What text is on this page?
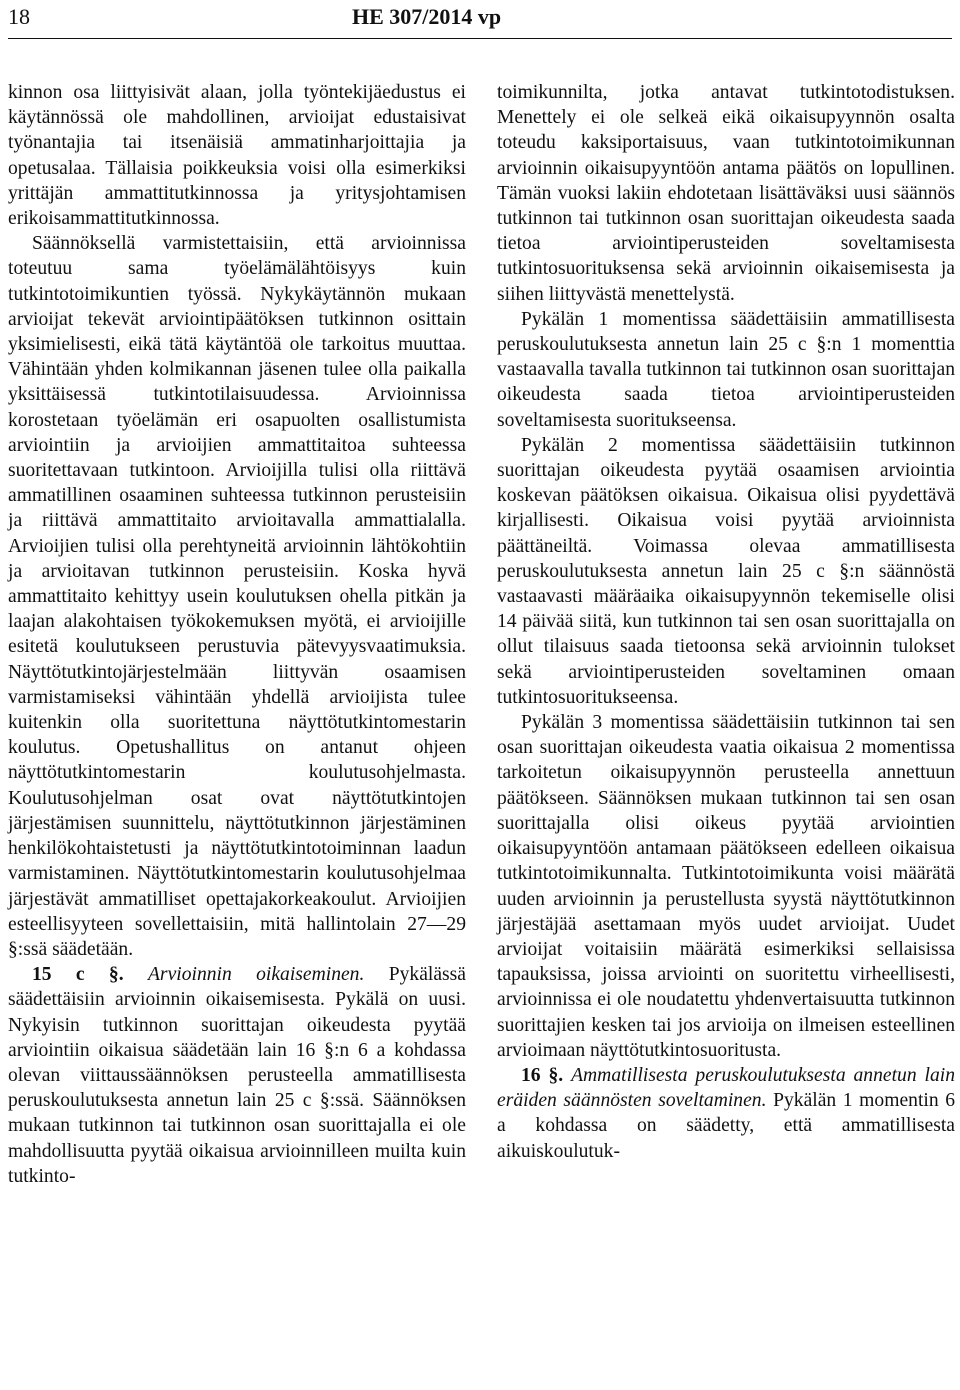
18	HE 307/2014 vp

kinnon osa liittyisivät alaan, jolla työntekijäedustus ei käytännössä ole mahdollinen, arvioijat edustaisivat työnantajia tai itsenäisiä ammatinharjoittajia ja opetusalaa. Tällaisia poikkeuksia voisi olla esimerkiksi yrittäjän ammattitutkinnossa ja yritysjohtamisen erikoisammattitutkinnossa.

Säännöksellä varmistettaisiin, että arvioinnissa toteutuu sama työelämälähtöisyys kuin tutkintotoimikuntien työssä. Nykykäytännön mukaan arvioijat tekevät arviointipäätöksen tutkinnon osittain yksimielisesti, eikä tätä käytäntöä ole tarkoitus muuttaa. Vähintään yhden kolmikannan jäsenen tulee olla paikalla yksittäisessä tutkintotilaisuudessa. Arvioinnissa korostetaan työelämän eri osapuolten osallistumista arviointiin ja arvioijien ammattitaitoa suhteessa suoritettavaan tutkintoon. Arvioijilla tulisi olla riittävä ammatillinen osaaminen suhteessa tutkinnon perusteisiin ja riittävä ammattitaito arvioitavalla ammattialalla. Arvioijien tulisi olla perehtyneitä arvioinnin lähtökohtiin ja arvioitavan tutkinnon perusteisiin. Koska hyvä ammattitaito kehittyy usein koulutuksen ohella pitkän ja laajan alakohtaisen työkokemuksen myötä, ei arvioijille esitetä koulutukseen perustuvia pätevyysvaatimuksia. Näyttötutkintojärjestelmään liittyvän osaamisen varmistamiseksi vähintään yhdellä arvioijista tulee kuitenkin olla suoritettuna näyttötutkintomestarin koulutus. Opetushallitus on antanut ohjeen näyttötutkintomestarin koulutusohjelmasta. Koulutusohjelman osat ovat näyttötutkintojen järjestämisen suunnittelu, näyttötutkinnon järjestäminen henkilökohtaistetusti ja näyttötutkintotoiminnan laadun varmistaminen. Näyttötutkintomestarin koulutusohjelmaa järjestävät ammatilliset opettajakorkeakoulut. Arvioijien esteellisyyteen sovellettaisiin, mitä hallintolain 27—29 §:ssä säädetään.

15 c §. Arvioinnin oikaiseminen. Pykälässä säädettäisiin arvioinnin oikaisemisesta. Pykälä on uusi. Nykyisin tutkinnon suorittajan oikeudesta pyytää arviointiin oikaisua säädetään lain 16 §:n 6 a kohdassa olevan viittaussäännöksen perusteella ammatillisesta peruskoulutuksesta annetun lain 25 c §:ssä. Säännöksen mukaan tutkinnon tai tutkinnon osan suorittajalla ei ole mahdollisuutta pyytää oikaisua arvioinnilleen muilta kuin tutkinto-

toimikunnilta, jotka antavat tutkintotodistuksen. Menettely ei ole selkeä eikä oikaisupyynnön osalta toteudu kaksiportaisuus, vaan tutkintotoimikunnan arvioinnin oikaisupyyntöön antama päätös on lopullinen. Tämän vuoksi lakiin ehdotetaan lisättäväksi uusi säännös tutkinnon tai tutkinnon osan suorittajan oikeudesta saada tietoa arviointiperusteiden soveltamisesta tutkintosuorituksensa sekä arvioinnin oikaisemisesta ja siihen liittyvästä menettelystä.

Pykälän 1 momentissa säädettäisiin ammatillisesta peruskoulutuksesta annetun lain 25 c §:n 1 momenttia vastaavalla tavalla tutkinnon tai tutkinnon osan suorittajan oikeudesta saada tietoa arviointiperusteiden soveltamisesta suoritukseensa.

Pykälän 2 momentissa säädettäisiin tutkinnon suorittajan oikeudesta pyytää osaamisen arviointia koskevan päätöksen oikaisua. Oikaisua olisi pyydettävä kirjallisesti. Oikaisua voisi pyytää arvioinnista päättäneiltä. Voimassa olevaa ammatillisesta peruskoulutuksesta annetun lain 25 c §:n säännöstä vastaavasti määräaika oikaisupyynnön tekemiselle olisi 14 päivää siitä, kun tutkinnon tai sen osan suorittajalla on ollut tilaisuus saada tietoonsa sekä arvioinnin tulokset sekä arviointiperusteiden soveltaminen omaan tutkintosuoritukseensa.

Pykälän 3 momentissa säädettäisiin tutkinnon tai sen osan suorittajan oikeudesta vaatia oikaisua 2 momentissa tarkoitetun oikaisupyynnön perusteella annettuun päätökseen. Säännöksen mukaan tutkinnon tai sen osan suorittajalla olisi oikeus pyytää arviointien oikaisupyyntöön antamaan päätökseen edelleen oikaisua tutkintotoimikunnalta. Tutkintotoimikunta voisi määrätä uuden arvioinnin ja perustellusta syystä näyttötutkinnon järjestäjää asettamaan myös uudet arvioijat. Uudet arvioijat voitaisiin määrätä esimerkiksi sellaisissa tapauksissa, joissa arviointi on suoritettu virheellisesti, arvioinnissa ei ole noudatettu yhdenvertaisuutta tutkinnon suorittajien kesken tai jos arvioija on ilmeisen esteellinen arvioimaan näyttötutkintosuoritusta.

16 §. Ammatillisesta peruskoulutuksesta annetun lain eräiden säännösten soveltaminen. Pykälän 1 momentin 6 a kohdassa on säädetty, että ammatillisesta aikuiskoulutuk-
